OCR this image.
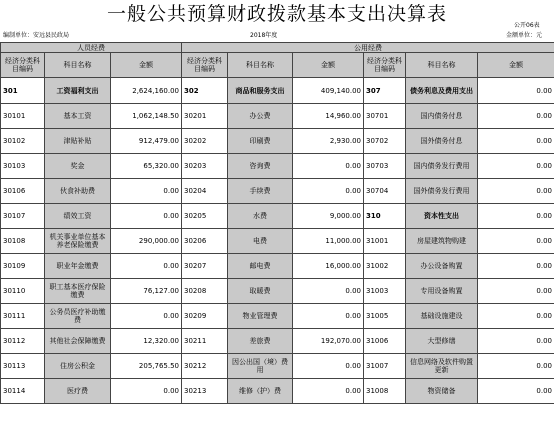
一般公共预算财政拨款基本支出决算表
公开06表
编制单位：安远县民政局	2018年度	金额单位：元
人员经费			公用经费					
经济分类科目编码	科目名称	金额	经济分类科目编码	科目名称	金额	经济分类科目编码	科目名称	金额
301	工资福利支出	2,624,160.00	302	商品和服务支出	409,140.00	307	债务利息及费用支出	0.00
30101	基本工资	1,062,148.50	30201	办公费	14,960.00	30701	国内债务付息	0.00
30102	津贴补贴	912,479.00	30202	印刷费	2,930.00	30702	国外债务付息	0.00
30103	奖金	65,320.00	30203	咨询费	0.00	30703	国内债务发行费用	0.00
30106	伙食补助费	0.00	30204	手续费	0.00	30704	国外债务发行费用	0.00
30107	绩效工资	0.00	30205	水费	9,000.00	310	资本性支出	0.00
30108	机关事业单位基本养老保险缴费	290,000.00	30206	电费	11,000.00	31001	房屋建筑物购建	0.00
30109	职业年金缴费	0.00	30207	邮电费	16,000.00	31002	办公设备购置	0.00
30110	职工基本医疗保险缴费	76,127.00	30208	取暖费	0.00	31003	专用设备购置	0.00
30111	公务员医疗补助缴费	0.00	30209	物业管理费	0.00	31005	基础设施建设	0.00
30112	其他社会保障缴费	12,320.00	30211	差旅费	192,070.00	31006	大型修缮	0.00
30113	住房公积金	205,765.50	30212	因公出国（境）费用	0.00	31007	信息网络及软件购置更新	0.00
30114	医疗费	0.00	30213	维修（护）费	0.00	31008	物资储备	0.00
